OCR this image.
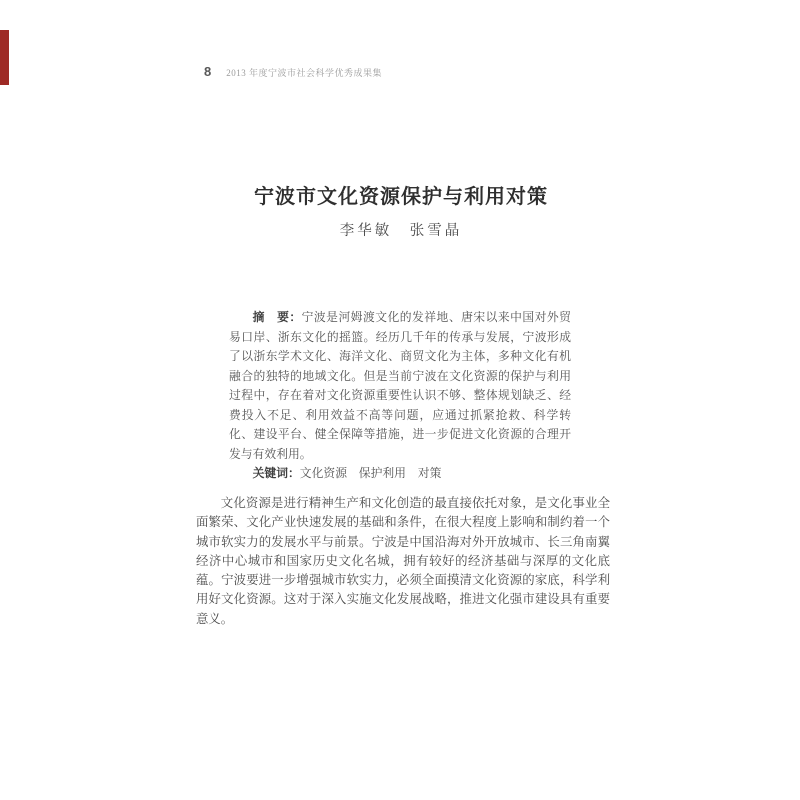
8 2013 年度宁波市社会科学优秀成果集
宁波市文化资源保护与利用对策
李华敏　张雪晶

摘　要：宁波是河姆渡文化的发祥地、唐宋以来中国对外贸易口岸、浙东文化的摇篮。经历几千年的传承与发展，宁波形成了以浙东学术文化、海洋文化、商贸文化为主体，多种文化有机融合的独特的地域文化。但是当前宁波在文化资源的保护与利用过程中，存在着对文化资源重要性认识不够、整体规划缺乏、经费投入不足、利用效益不高等问题，应通过抓紧抢救、科学转化、建设平台、健全保障等措施，进一步促进文化资源的合理开发与有效利用。

关键词：文化资源　保护利用　对策

文化资源是进行精神生产和文化创造的最直接依托对象，是文化事业全面繁荣、文化产业快速发展的基础和条件，在很大程度上影响和制约着一个城市软实力的发展水平与前景。宁波是中国沿海对外开放城市、长三角南翼经济中心城市和国家历史文化名城，拥有较好的经济基础与深厚的文化底蕴。宁波要进一步增强城市软实力，必须全面摸清文化资源的家底，科学利用好文化资源。这对于深入实施文化发展战略，推进文化强市建设具有重要意义。
